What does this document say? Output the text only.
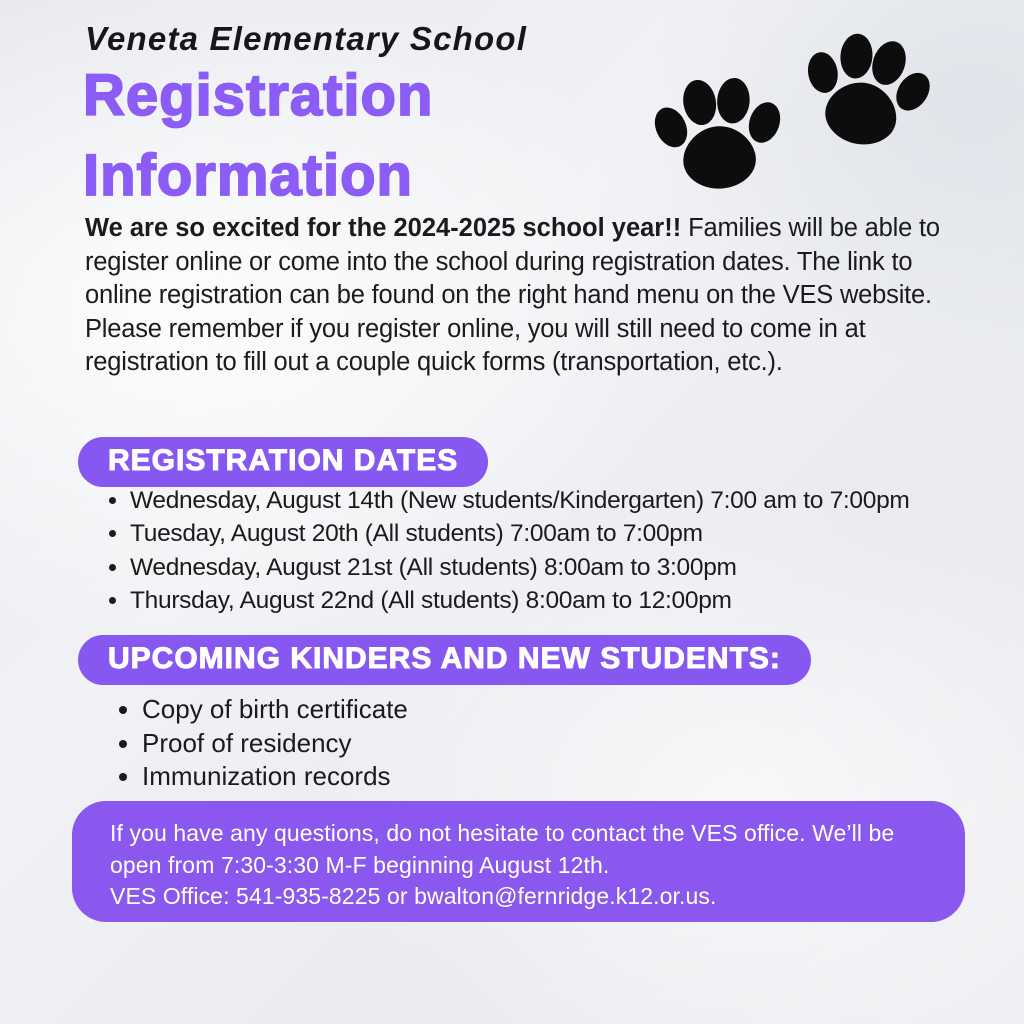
Veneta Elementary School
Registration
Information

We are so excited for the 2024-2025 school year!! Families will be able to register online or come into the school during registration dates. The link to online registration can be found on the right hand menu on the VES website. Please remember if you register online, you will still need to come in at registration to fill out a couple quick forms (transportation, etc.).

REGISTRATION DATES
• Wednesday, August 14th (New students/Kindergarten) 7:00 am to 7:00pm
• Tuesday, August 20th (All students) 7:00am to 7:00pm
• Wednesday, August 21st (All students) 8:00am to 3:00pm
• Thursday, August 22nd (All students) 8:00am to 12:00pm
UPCOMING KINDERS AND NEW STUDENTS:
• Copy of birth certificate
• Proof of residency
• Immunization records
If you have any questions, do not hesitate to contact the VES office. We’ll be open from 7:30-3:30 M-F beginning August 12th.
VES Office: 541-935-8225 or bwalton@fernridge.k12.or.us.
